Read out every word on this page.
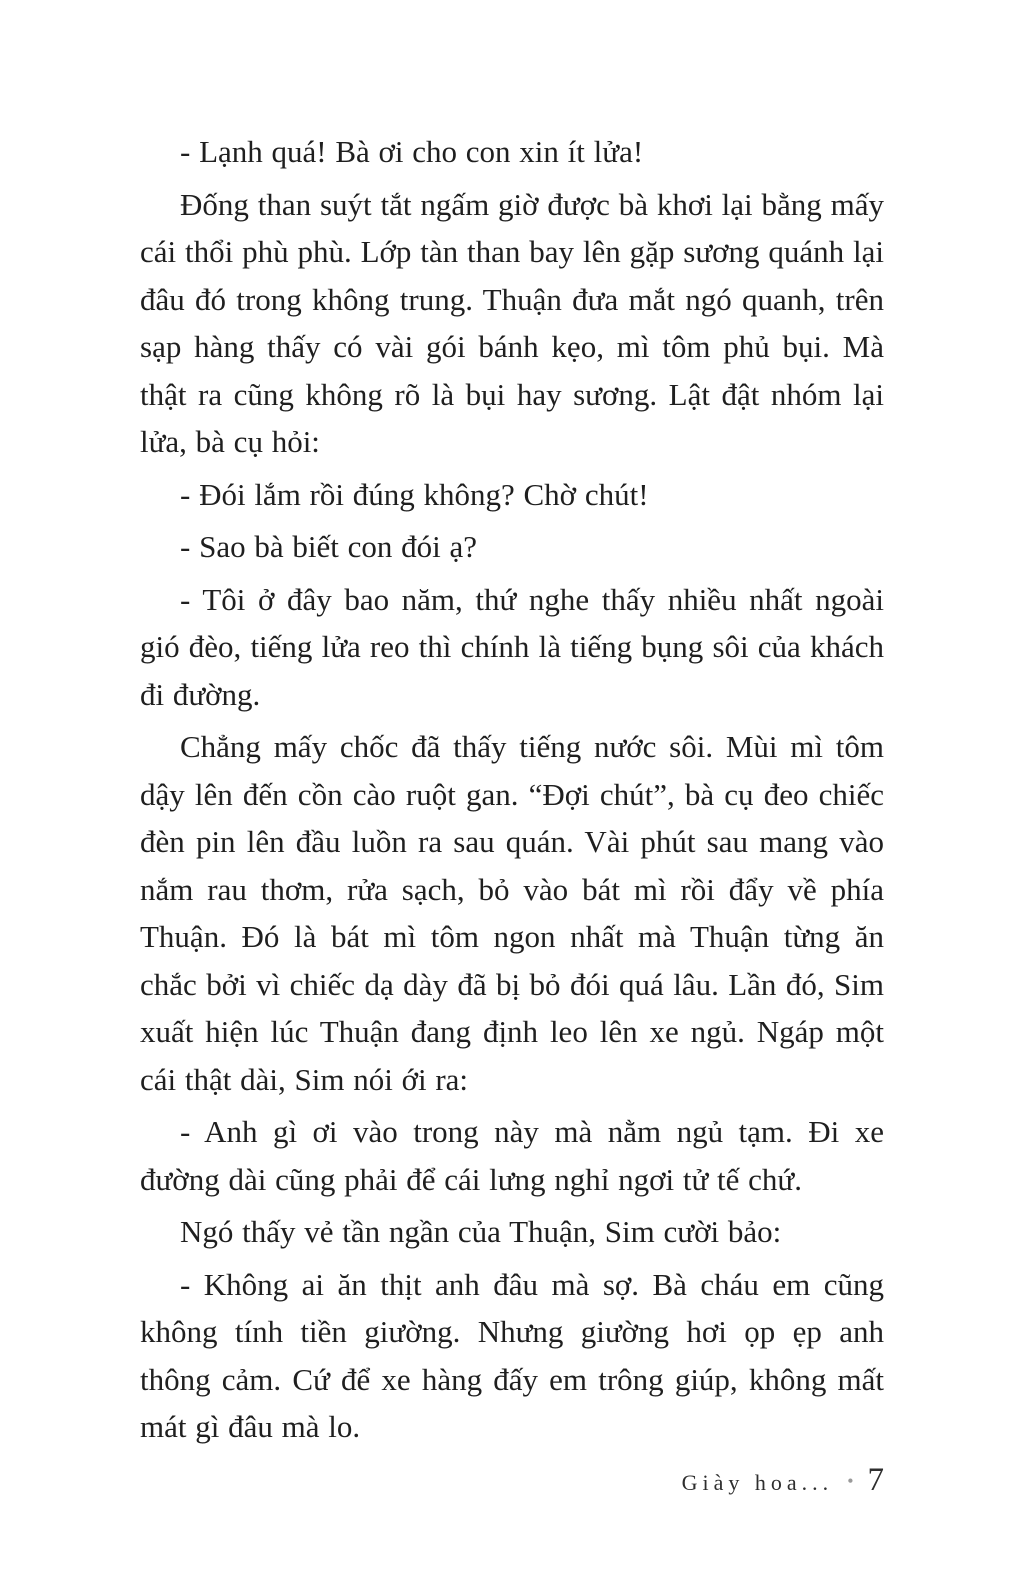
- Lạnh quá! Bà ơi cho con xin ít lửa!

Đống than suýt tắt ngấm giờ được bà khơi lại bằng mấy cái thổi phù phù. Lớp tàn than bay lên gặp sương quánh lại đâu đó trong không trung. Thuận đưa mắt ngó quanh, trên sạp hàng thấy có vài gói bánh kẹo, mì tôm phủ bụi. Mà thật ra cũng không rõ là bụi hay sương. Lật đật nhóm lại lửa, bà cụ hỏi:

- Đói lắm rồi đúng không? Chờ chút!

- Sao bà biết con đói ạ?

- Tôi ở đây bao năm, thứ nghe thấy nhiều nhất ngoài gió đèo, tiếng lửa reo thì chính là tiếng bụng sôi của khách đi đường.

Chẳng mấy chốc đã thấy tiếng nước sôi. Mùi mì tôm dậy lên đến cồn cào ruột gan. “Đợi chút”, bà cụ đeo chiếc đèn pin lên đầu luồn ra sau quán. Vài phút sau mang vào nắm rau thơm, rửa sạch, bỏ vào bát mì rồi đẩy về phía Thuận. Đó là bát mì tôm ngon nhất mà Thuận từng ăn chắc bởi vì chiếc dạ dày đã bị bỏ đói quá lâu. Lần đó, Sim xuất hiện lúc Thuận đang định leo lên xe ngủ. Ngáp một cái thật dài, Sim nói ới ra:

- Anh gì ơi vào trong này mà nằm ngủ tạm. Đi xe đường dài cũng phải để cái lưng nghỉ ngơi tử tế chứ.

Ngó thấy vẻ tần ngần của Thuận, Sim cười bảo:

- Không ai ăn thịt anh đâu mà sợ. Bà cháu em cũng không tính tiền giường. Nhưng giường hơi ọp ẹp anh thông cảm. Cứ để xe hàng đấy em trông giúp, không mất mát gì đâu mà lo.

Giày hoa... • 7
